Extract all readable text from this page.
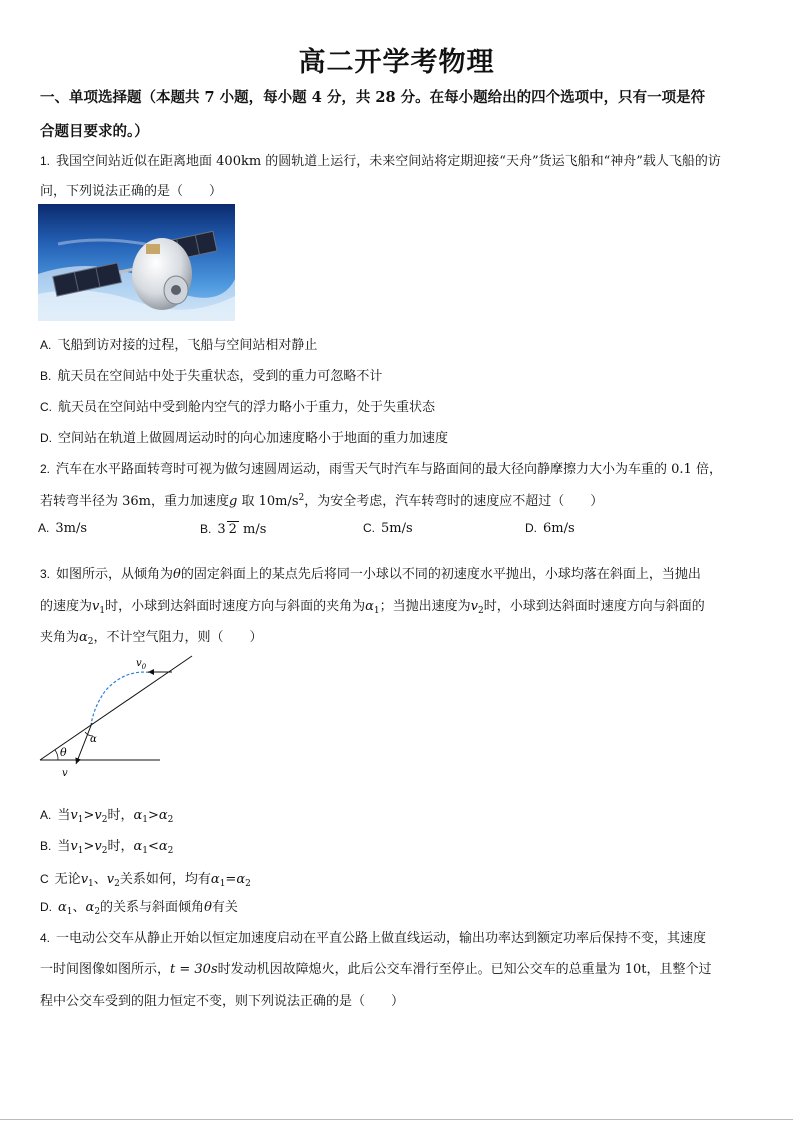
高二开学考物理
一、单项选择题（本题共 7 小题，每小题 4 分，共 28 分。在每小题给出的四个选项中，只有一项是符
合题目要求的。）
1. 我国空间站近似在距离地面 400km 的圆轨道上运行，未来空间站将定期迎接“天舟”货运飞船和“神舟”载人飞船的访
问，下列说法正确的是（　　）
A. 飞船到访对接的过程，飞船与空间站相对静止
B. 航天员在空间站中处于失重状态，受到的重力可忽略不计
C. 航天员在空间站中受到舱内空气的浮力略小于重力，处于失重状态
D. 空间站在轨道上做圆周运动时的向心加速度略小于地面的重力加速度
2. 汽车在水平路面转弯时可视为做匀速圆周运动，雨雪天气时汽车与路面间的最大径向静摩擦力大小为车重的 0.1 倍，
若转弯半径为 36m，重力加速度g 取 $10m/s^2$，为安全考虑，汽车转弯时的速度应不超过（　　）
A. 3m/s	B. 3 2 m/s	C. 5m/s	D. 6m/s
3. 如图所示，从倾角为θ的固定斜面上的某点先后将同一小球以不同的初速度水平抛出，小球均落在斜面上，当抛出
的速度为$v_1$时，小球到达斜面时速度方向与斜面的夹角为$\alpha_1$；当抛出速度为$v_2$时，小球到达斜面时速度方向与斜面的
夹角为$\alpha_2$，不计空气阻力，则（　　）
$v_0$
α
θ
v
A. 当$v_1>v_2$时，$\alpha_1>\alpha_2$
B. 当$v_1>v_2$时，$\alpha_1<\alpha_2$
C 无论$v_1$、$v_2$关系如何，均有$\alpha_1=\alpha_2$
D. $\alpha_1$、$\alpha_2$的关系与斜面倾角θ有关
4. 一电动公交车从静止开始以恒定加速度启动在平直公路上做直线运动，输出功率达到额定功率后保持不变，其速度
一时间图像如图所示，t = 30s时发动机因故障熄火，此后公交车滑行至停止。已知公交车的总重量为 10t，且整个过
程中公交车受到的阻力恒定不变，则下列说法正确的是（　　）
